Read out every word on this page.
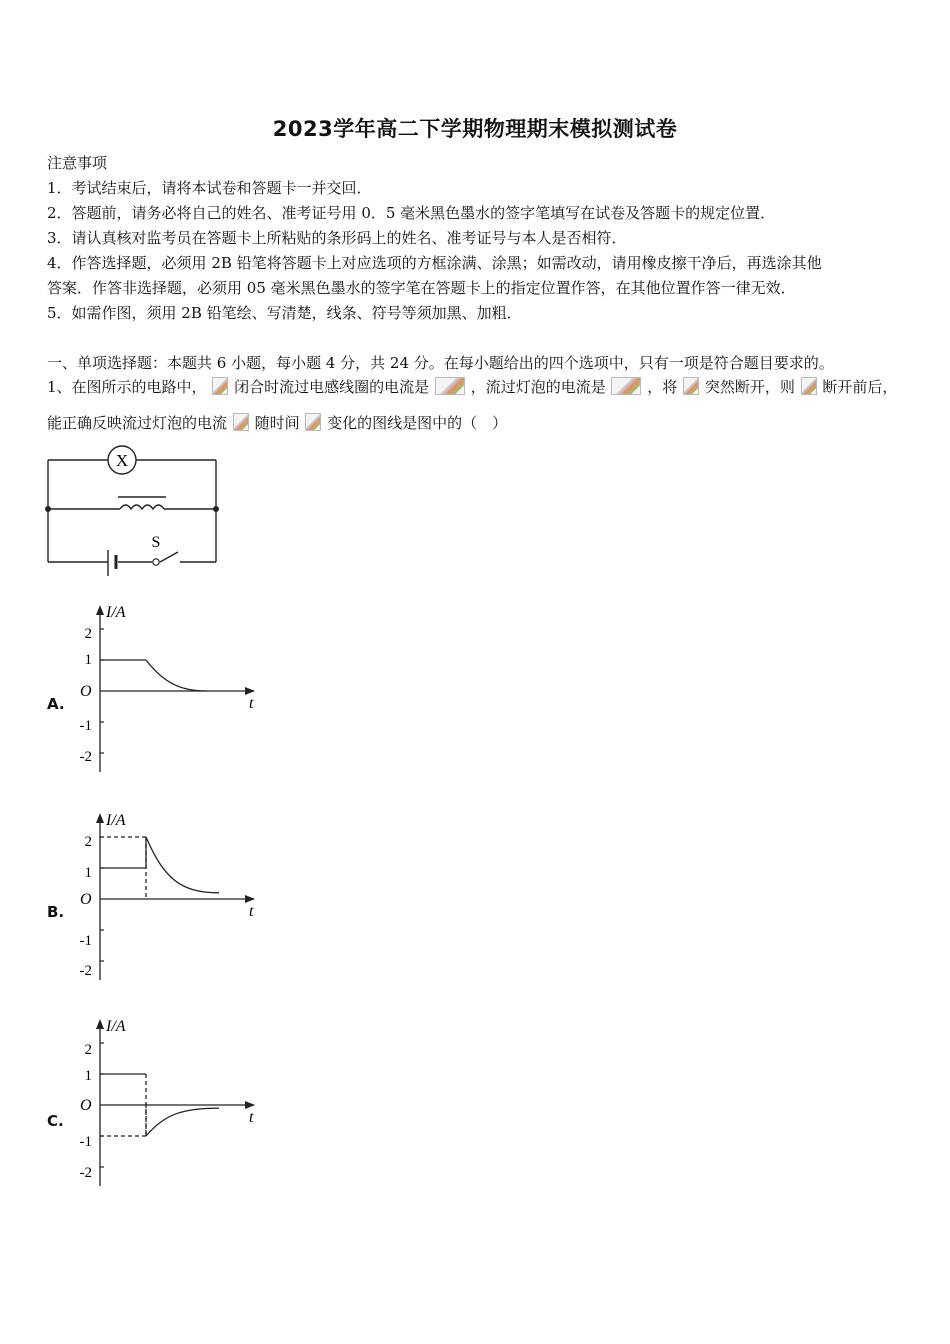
2023学年高二下学期物理期末模拟测试卷
注意事项
1．考试结束后，请将本试卷和答题卡一并交回．
2．答题前，请务必将自己的姓名、准考证号用 0．5 毫米黑色墨水的签字笔填写在试卷及答题卡的规定位置．
3．请认真核对监考员在答题卡上所粘贴的条形码上的姓名、准考证号与本人是否相符．
4．作答选择题，必须用 2B 铅笔将答题卡上对应选项的方框涂满、涂黑；如需改动，请用橡皮擦干净后，再选涂其他
答案．作答非选择题，必须用 05 毫米黑色墨水的签字笔在答题卡上的指定位置作答，在其他位置作答一律无效．
5．如需作图，须用 2B 铅笔绘、写清楚，线条、符号等须加黑、加粗．
一、单项选择题：本题共 6 小题，每小题 4 分，共 24 分。在每小题给出的四个选项中，只有一项是符合题目要求的。
1、在图所示的电路中， 闭合时流过电感线圈的电流是	，流过灯泡的电流是	，将 突然断开，则 断开前后，
能正确反映流过灯泡的电流 随时间 变化的图线是图中的（　）
X
S
A.
I/A
t
O
2
1
-1
-2
B.
I/A
t
O
2
1
-1
-2
C.
I/A
t
O
2
1
-1
-2
